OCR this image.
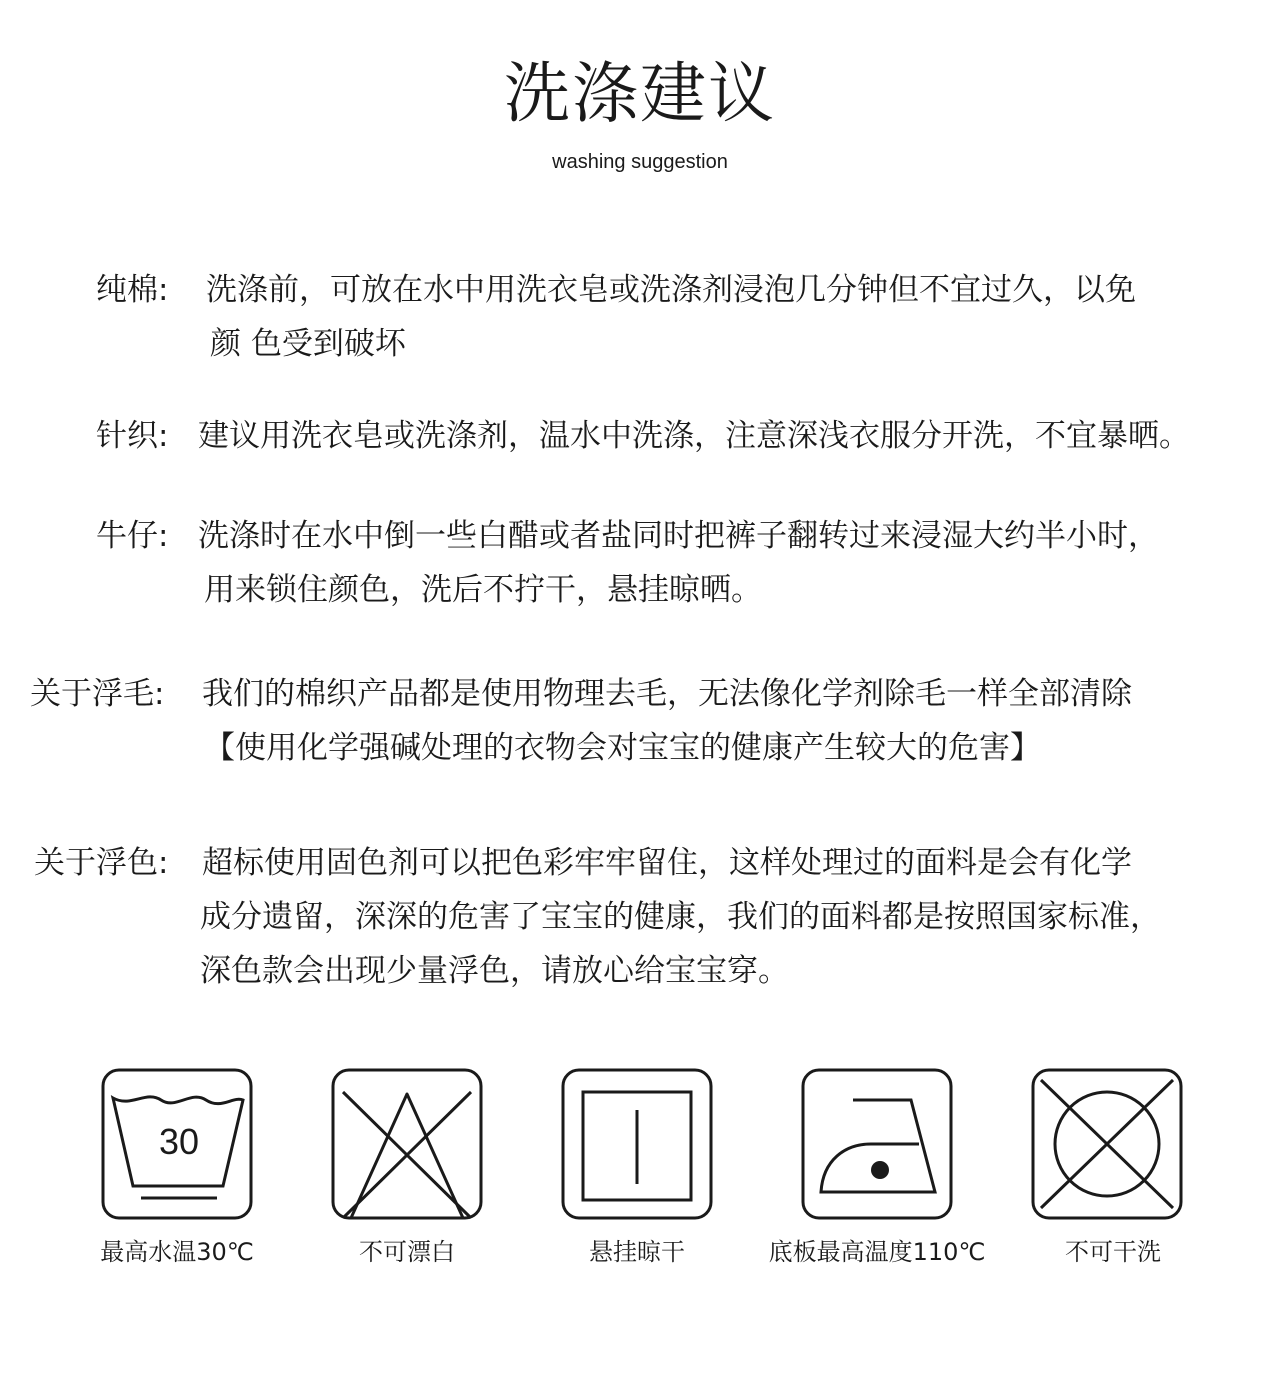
洗涤建议
washing suggestion
纯棉: 洗涤前，可放在水中用洗衣皂或洗涤剂浸泡几分钟但不宜过久，以免
颜 色受到破坏
针织: 建议用洗衣皂或洗涤剂，温水中洗涤，注意深浅衣服分开洗，不宜暴晒。
牛仔: 洗涤时在水中倒一些白醋或者盐同时把裤子翻转过来浸湿大约半小时，
用来锁住颜色，洗后不拧干，悬挂晾晒。
关于浮毛: 我们的棉织产品都是使用物理去毛，无法像化学剂除毛一样全部清除
【使用化学强碱处理的衣物会对宝宝的健康产生较大的危害】
关于浮色: 超标使用固色剂可以把色彩牢牢留住，这样处理过的面料是会有化学
成分遗留，深深的危害了宝宝的健康，我们的面料都是按照国家标准，
深色款会出现少量浮色，请放心给宝宝穿。
30
最高水温30℃	不可漂白	悬挂晾干	底板最高温度110℃	不可干洗
